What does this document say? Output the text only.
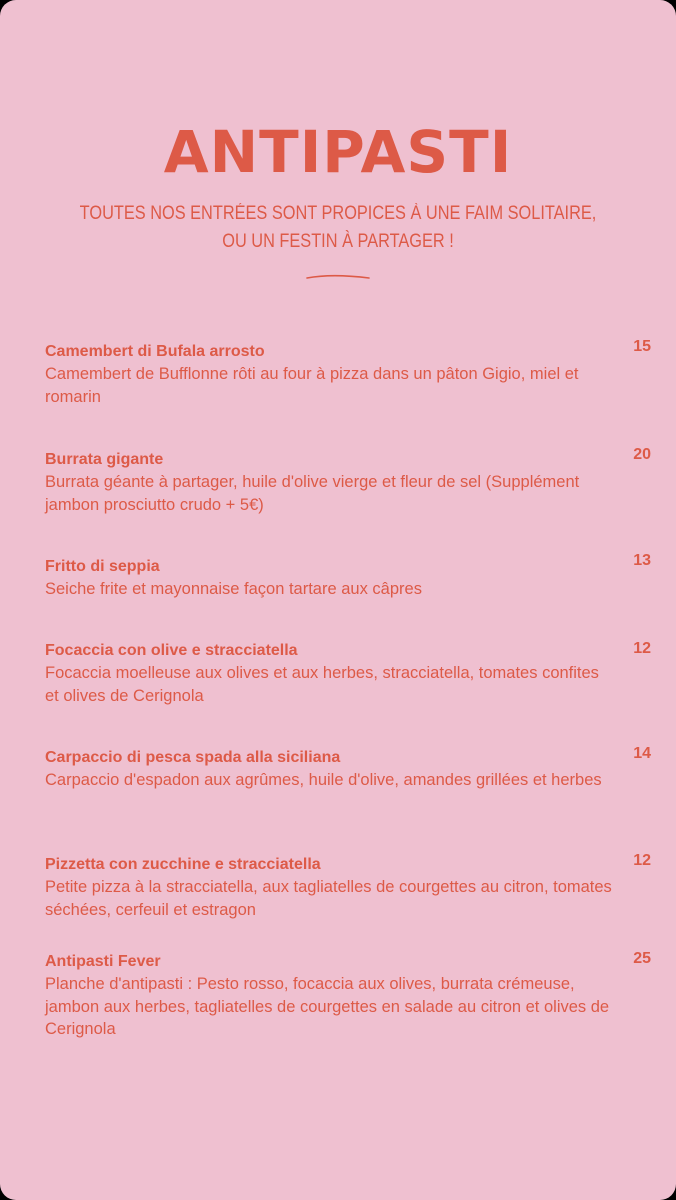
ANTIPASTI
TOUTES NOS ENTRÉES SONT PROPICES À UNE FAIM SOLITAIRE,
OU UN FESTIN À PARTAGER !
Camembert di Bufala arrosto
Camembert de Bufflonne rôti au four à pizza dans un pâton Gigio, miel et romarin
15
Burrata gigante
Burrata géante à partager, huile d'olive vierge et fleur de sel (Supplément jambon prosciutto crudo + 5€)
20
Fritto di seppia
Seiche frite et mayonnaise façon tartare aux câpres
13
Focaccia con olive e stracciatella
Focaccia moelleuse aux olives et aux herbes, stracciatella, tomates confites et olives de Cerignola
12
Carpaccio di pesca spada alla siciliana
Carpaccio d'espadon aux agrûmes, huile d'olive, amandes grillées et herbes
14
Pizzetta con zucchine e stracciatella
Petite pizza à la stracciatella, aux tagliatelles de courgettes au citron, tomates séchées, cerfeuil et estragon
12
Antipasti Fever
Planche d'antipasti : Pesto rosso, focaccia aux olives, burrata crémeuse, jambon aux herbes, tagliatelles de courgettes en salade au citron et olives de Cerignola
25
